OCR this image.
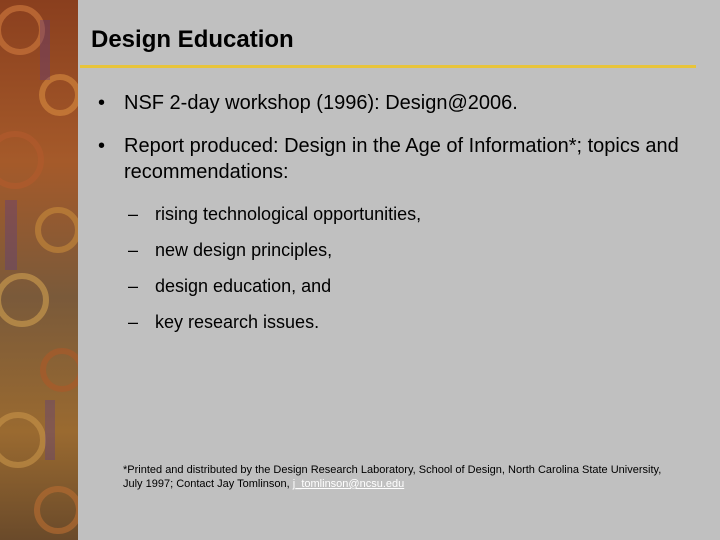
Design Education
• NSF 2-day workshop (1996): Design@2006.
• Report produced: Design in the Age of Information*; topics and recommendations:
– rising technological opportunities,
– new design principles,
– design education, and
– key research issues.
*Printed and distributed by the Design Research Laboratory, School of Design, North Carolina State University, July 1997; Contact Jay Tomlinson, j_tomlinson@ncsu.edu
